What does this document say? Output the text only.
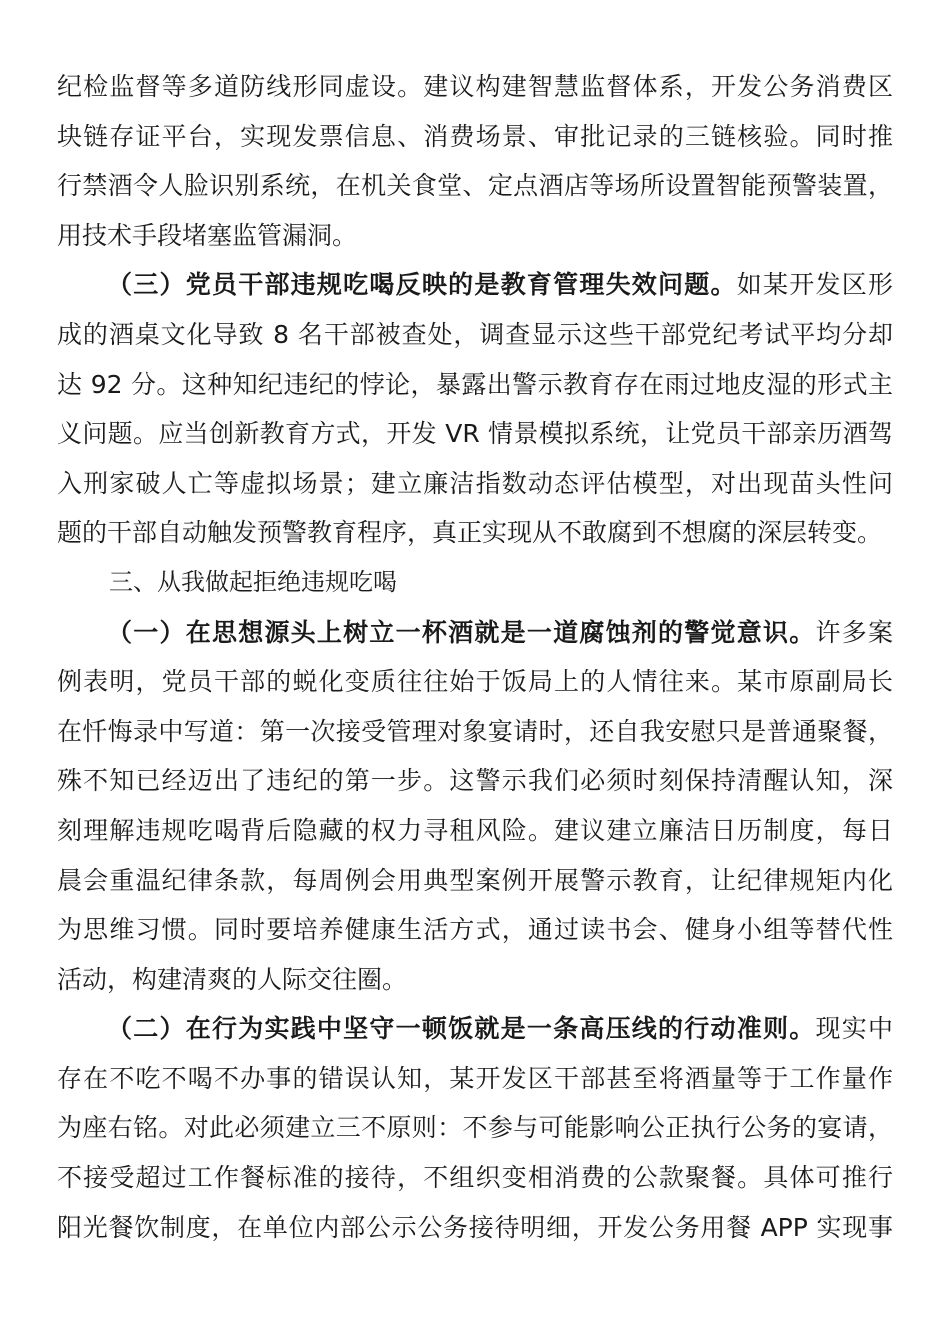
纪检监督等多道防线形同虚设。建议构建智慧监督体系，开发公务消费区
块链存证平台，实现发票信息、消费场景、审批记录的三链核验。同时推
行禁酒令人脸识别系统，在机关食堂、定点酒店等场所设置智能预警装置，
用技术手段堵塞监管漏洞。
（三）党员干部违规吃喝反映的是教育管理失效问题。如某开发区形
成的酒桌文化导致 8 名干部被查处，调查显示这些干部党纪考试平均分却
达 92 分。这种知纪违纪的悖论，暴露出警示教育存在雨过地皮湿的形式主
义问题。应当创新教育方式，开发 VR 情景模拟系统，让党员干部亲历酒驾
入刑家破人亡等虚拟场景；建立廉洁指数动态评估模型，对出现苗头性问
题的干部自动触发预警教育程序，真正实现从不敢腐到不想腐的深层转变。
三、从我做起拒绝违规吃喝
（一）在思想源头上树立一杯酒就是一道腐蚀剂的警觉意识。许多案
例表明，党员干部的蜕化变质往往始于饭局上的人情往来。某市原副局长
在忏悔录中写道：第一次接受管理对象宴请时，还自我安慰只是普通聚餐，
殊不知已经迈出了违纪的第一步。这警示我们必须时刻保持清醒认知，深
刻理解违规吃喝背后隐藏的权力寻租风险。建议建立廉洁日历制度，每日
晨会重温纪律条款，每周例会用典型案例开展警示教育，让纪律规矩内化
为思维习惯。同时要培养健康生活方式，通过读书会、健身小组等替代性
活动，构建清爽的人际交往圈。
（二）在行为实践中坚守一顿饭就是一条高压线的行动准则。现实中
存在不吃不喝不办事的错误认知，某开发区干部甚至将酒量等于工作量作
为座右铭。对此必须建立三不原则：不参与可能影响公正执行公务的宴请，
不接受超过工作餐标准的接待，不组织变相消费的公款聚餐。具体可推行
阳光餐饮制度，在单位内部公示公务接待明细，开发公务用餐 APP 实现事
